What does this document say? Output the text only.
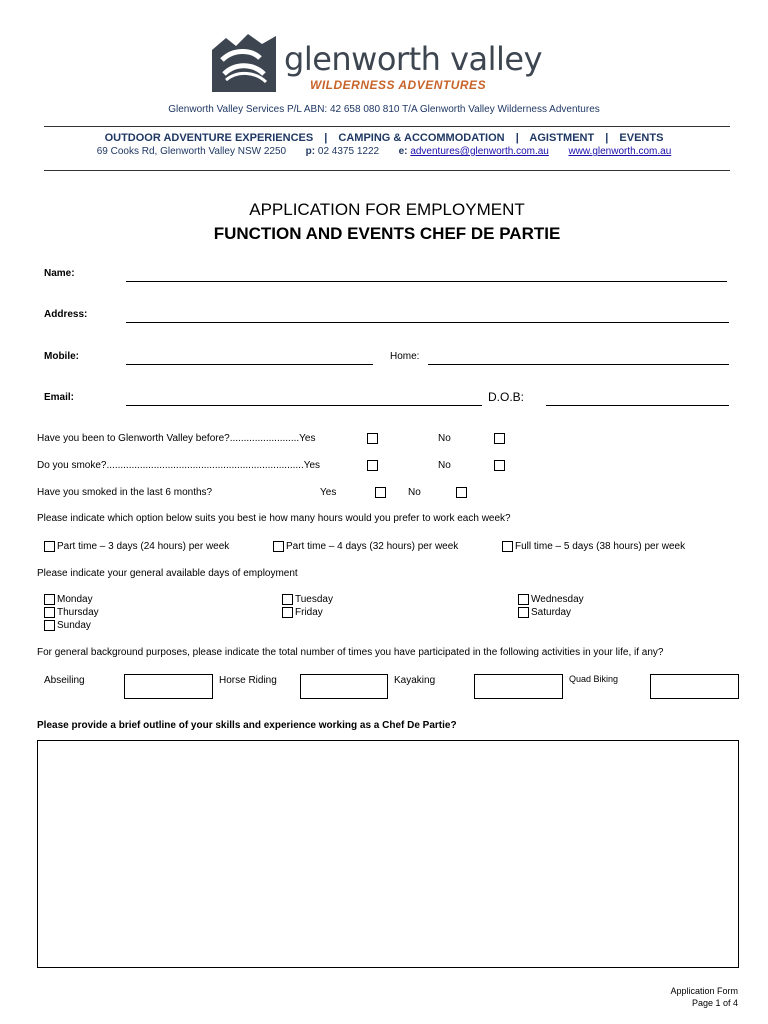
glenworth valley
WILDERNESS ADVENTURES
Glenworth Valley Services P/L ABN: 42 658 080 810 T/A Glenworth Valley Wilderness Adventures
OUTDOOR ADVENTURE EXPERIENCES | CAMPING & ACCOMMODATION | AGISTMENT | EVENTS
69 Cooks Rd, Glenworth Valley NSW 2250 p: 02 4375 1222 e: adventures@glenworth.com.au www.glenworth.com.au
APPLICATION FOR EMPLOYMENT
FUNCTION AND EVENTS CHEF DE PARTIE
Name:
Address:
Mobile:	Home:
Email:	D.O.B:
Have you been to Glenworth Valley before?.........................Yes	No
Do you smoke?.......................................................................Yes	No
Have you smoked in the last 6 months?	Yes	No
Please indicate which option below suits you best ie how many hours would you prefer to work each week?
Part time – 3 days (24 hours) per week	Part time – 4 days (32 hours) per week	Full time – 5 days (38 hours) per week
Please indicate your general available days of employment
Monday	Tuesday	Wednesday
Thursday	Friday	Saturday
Sunday
For general background purposes, please indicate the total number of times you have participated in the following activities in your life, if any?
Abseiling	Horse Riding	Kayaking	Quad Biking
Please provide a brief outline of your skills and experience working as a Chef De Partie?
Application Form
Page 1 of 4
